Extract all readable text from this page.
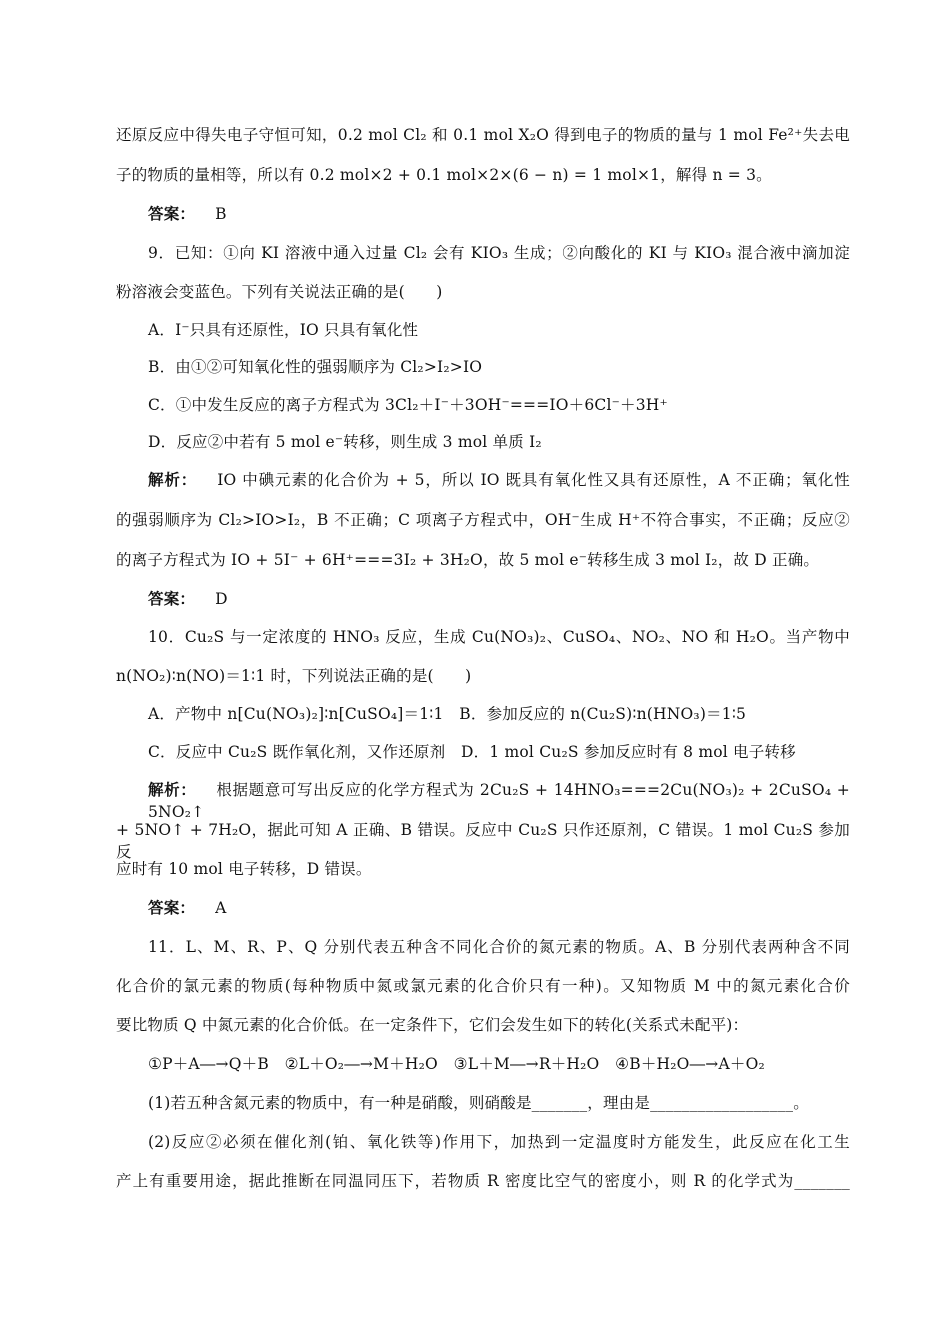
还原反应中得失电子守恒可知，0.2 mol Cl₂ 和 0.1 mol X₂O 得到电子的物质的量与 1 mol Fe²⁺失去电

子的物质的量相等，所以有 0.2 mol×2 + 0.1 mol×2×(6 − n) = 1 mol×1，解得 n = 3。

答案： B

9．已知：①向 KI 溶液中通入过量 Cl₂ 会有 KIO₃ 生成；②向酸化的 KI 与 KIO₃ 混合液中滴加淀

粉溶液会变蓝色。下列有关说法正确的是(　　)

A．I⁻只具有还原性，IO 只具有氧化性

B．由①②可知氧化性的强弱顺序为 Cl₂>I₂>IO

C．①中发生反应的离子方程式为 3Cl₂＋I⁻＋3OH⁻===IO＋6Cl⁻＋3H⁺

D．反应②中若有 5 mol e⁻转移，则生成 3 mol 单质 I₂

解析： IO 中碘元素的化合价为 + 5，所以 IO 既具有氧化性又具有还原性，A 不正确；氧化性

的强弱顺序为 Cl₂>IO>I₂，B 不正确；C 项离子方程式中，OH⁻生成 H⁺不符合事实，不正确；反应②

的离子方程式为 IO + 5I⁻ + 6H⁺===3I₂ + 3H₂O，故 5 mol e⁻转移生成 3 mol I₂，故 D 正确。

答案： D

10．Cu₂S 与一定浓度的 HNO₃ 反应，生成 Cu(NO₃)₂、CuSO₄、NO₂、NO 和 H₂O。当产物中

n(NO₂)∶n(NO)＝1∶1 时，下列说法正确的是(　　)

A．产物中 n[Cu(NO₃)₂]∶n[CuSO₄]＝1∶1　B．参加反应的 n(Cu₂S)∶n(HNO₃)＝1∶5

C．反应中 Cu₂S 既作氧化剂，又作还原剂　D．1 mol Cu₂S 参加反应时有 8 mol 电子转移

解析： 根据题意可写出反应的化学方程式为 2Cu₂S + 14HNO₃===2Cu(NO₃)₂ + 2CuSO₄ + 5NO₂↑

+ 5NO↑ + 7H₂O，据此可知 A 正确、B 错误。反应中 Cu₂S 只作还原剂，C 错误。1 mol Cu₂S 参加反

应时有 10 mol 电子转移，D 错误。

答案： A

11．L、M、R、P、Q 分别代表五种含不同化合价的氮元素的物质。A、B 分别代表两种含不同

化合价的氯元素的物质(每种物质中氮或氯元素的化合价只有一种)。又知物质 M 中的氮元素化合价

要比物质 Q 中氮元素的化合价低。在一定条件下，它们会发生如下的转化(关系式未配平)：

①P＋A―→Q＋B　②L＋O₂―→M＋H₂O　③L＋M―→R＋H₂O　④B＋H₂O―→A＋O₂

(1)若五种含氮元素的物质中，有一种是硝酸，则硝酸是_______，理由是__________________。

(2)反应②必须在催化剂(铂、氧化铁等)作用下，加热到一定温度时方能发生，此反应在化工生

产上有重要用途，据此推断在同温同压下，若物质 R 密度比空气的密度小，则 R 的化学式为_______
